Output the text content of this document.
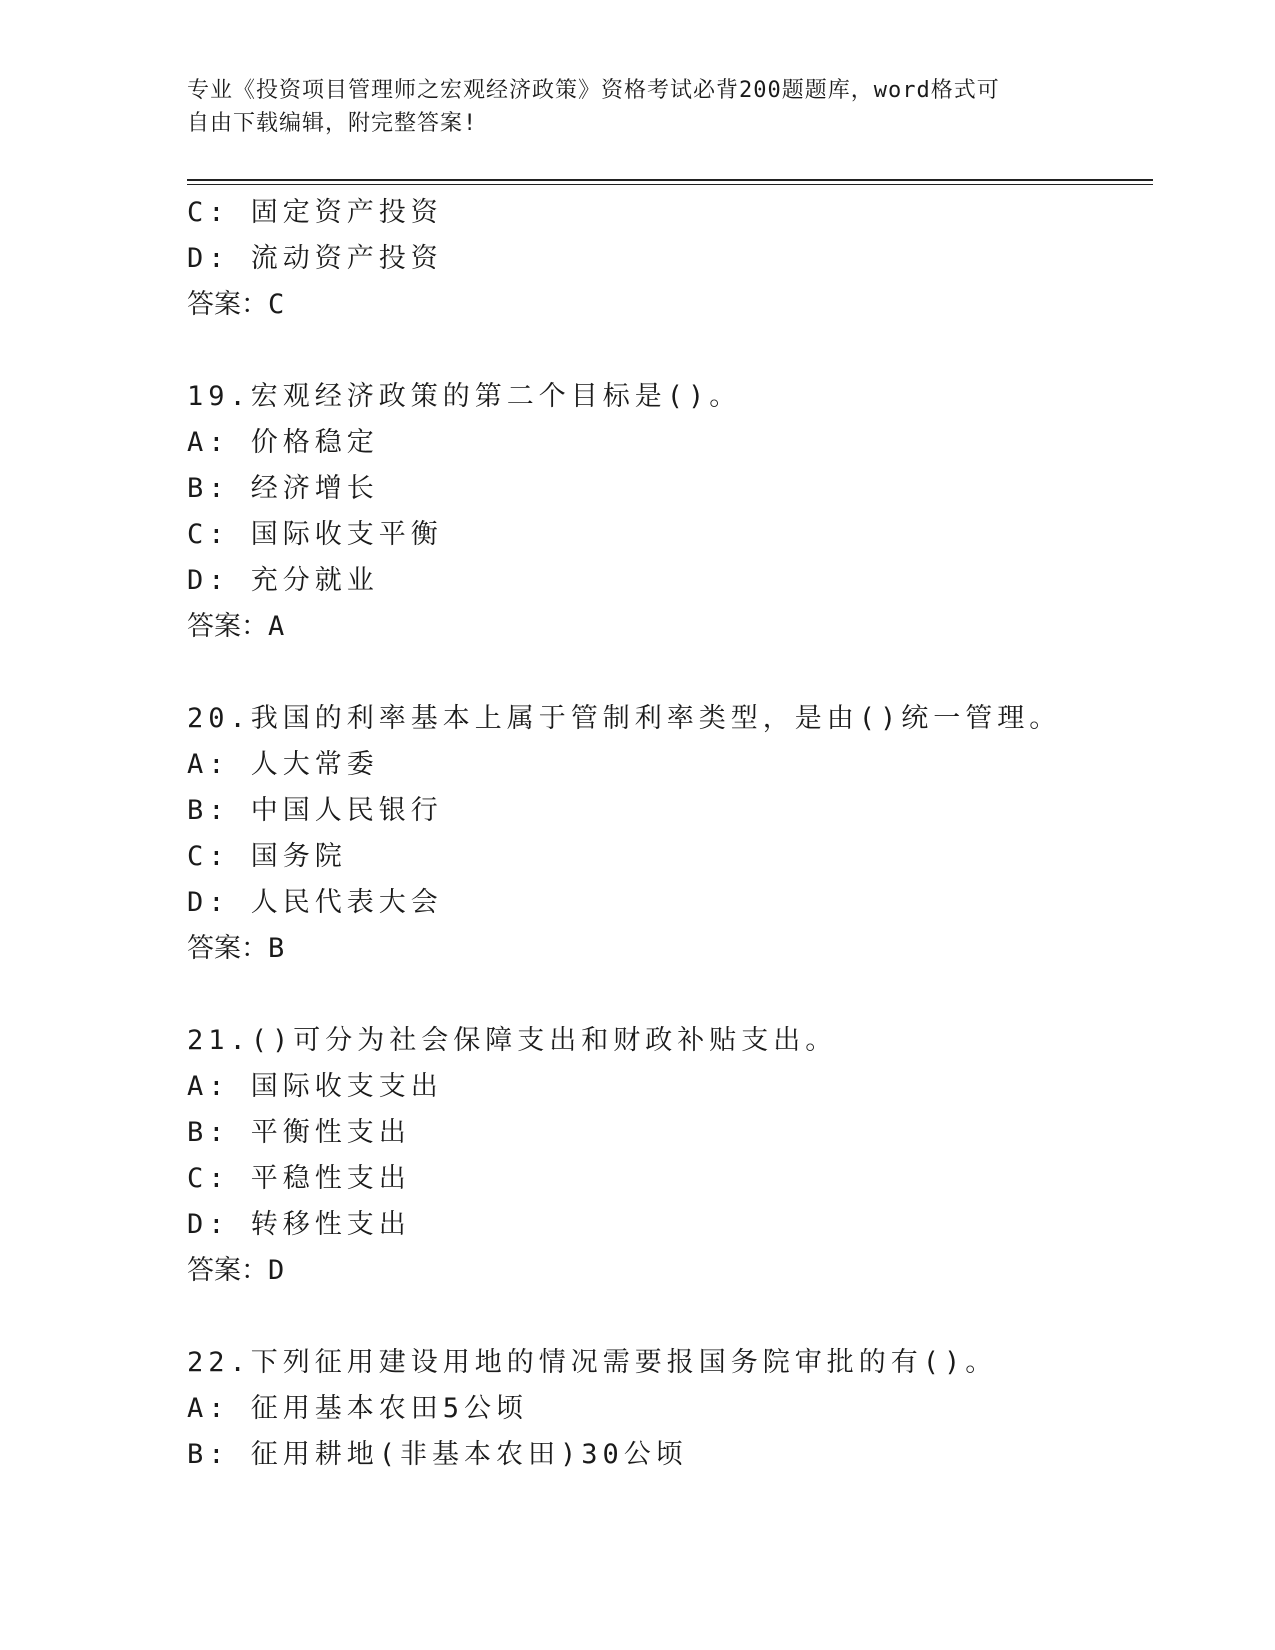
专业《投资项目管理师之宏观经济政策》资格考试必背200题题库，word格式可
自由下载编辑，附完整答案!
C: 固定资产投资
D: 流动资产投资
答案：C
19.宏观经济政策的第二个目标是()。
A: 价格稳定
B: 经济增长
C: 国际收支平衡
D: 充分就业
答案：A
20.我国的利率基本上属于管制利率类型，是由()统一管理。
A: 人大常委
B: 中国人民银行
C: 国务院
D: 人民代表大会
答案：B
21.()可分为社会保障支出和财政补贴支出。
A: 国际收支支出
B: 平衡性支出
C: 平稳性支出
D: 转移性支出
答案：D
22.下列征用建设用地的情况需要报国务院审批的有()。
A: 征用基本农田5公顷
B: 征用耕地(非基本农田)30公顷
